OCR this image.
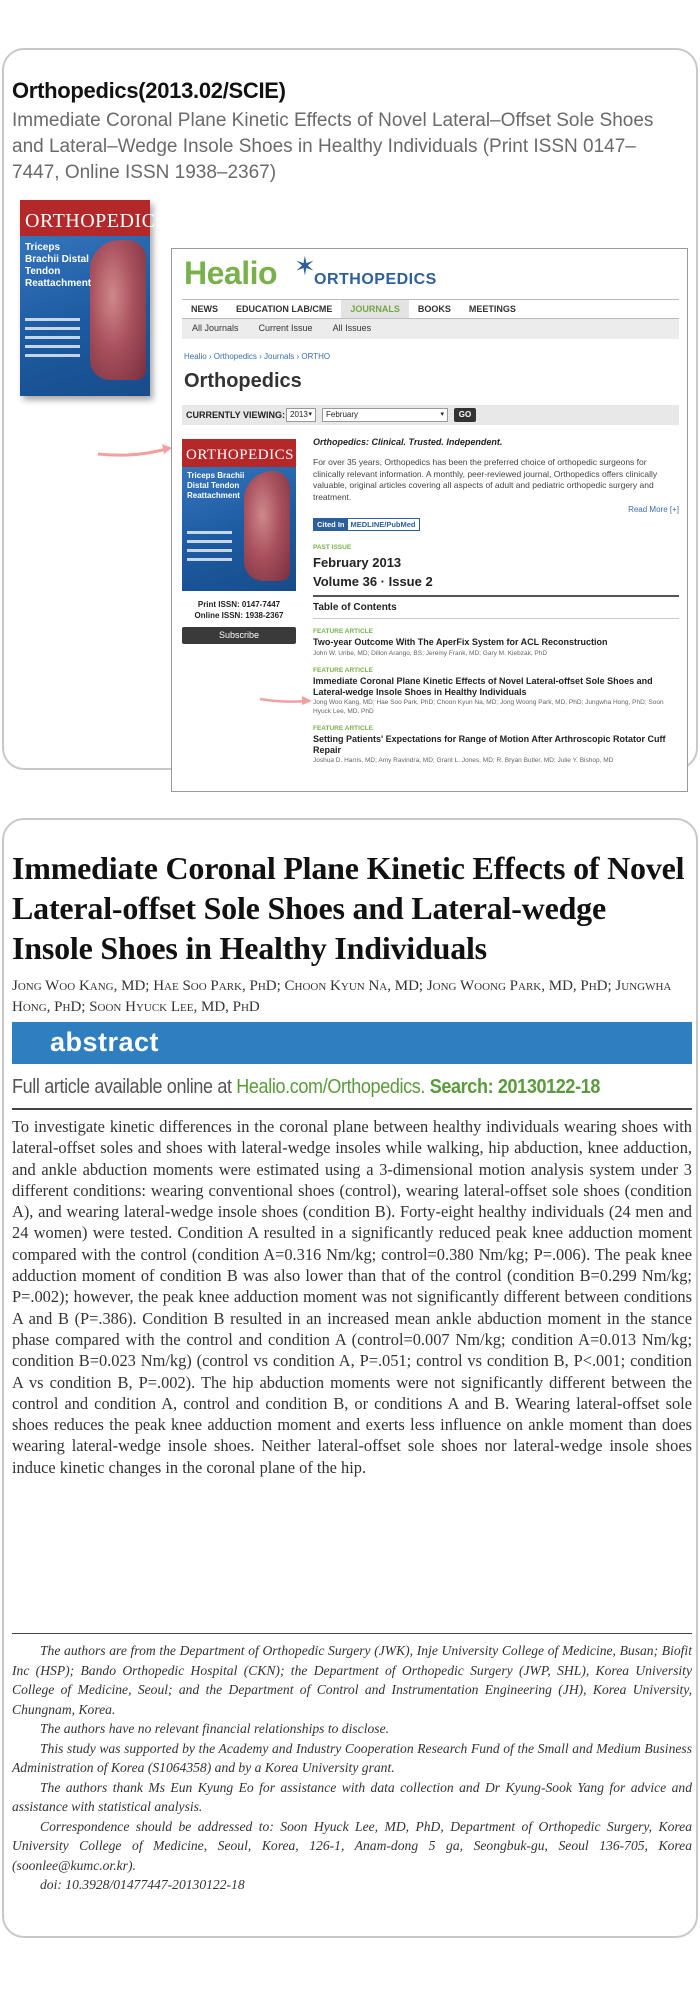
Orthopedics(2013.02/SCIE)
Immediate Coronal Plane Kinetic Effects of Novel Lateral–Offset Sole Shoes and Lateral–Wedge Insole Shoes in Healthy Individuals (Print ISSN 0147–7447, Online ISSN 1938–2367)
ORTHOPEDICS
Triceps Brachii Distal Tendon Reattachment	Healio ✶
ORTHOPEDICS
NEWS	EDUCATION LAB/CME	JOURNALS	BOOKS	MEETINGS
All Journals	Current Issue	All Issues
Healio › Orthopedics › Journals › ORTHO
Orthopedics
CURRENTLY VIEWING: 2013 ▾	February	▾	GO
ORTHOPEDICS
Triceps Brachii Distal Tendon Reattachment
Print ISSN: 0147-7447
Online ISSN: 1938-2367
Subscribe
Orthopedics: Clinical. Trusted. Independent.
For over 35 years, Orthopedics has been the preferred choice of orthopedic surgeons for clinically relevant information. A monthly, peer-reviewed journal, Orthopedics offers clinically valuable, original articles covering all aspects of adult and pediatric orthopedic surgery and treatment.
Read More [+]
Cited In MEDLINE/PubMed
PAST ISSUE
February 2013
Volume 36 · Issue 2
Table of Contents
FEATURE ARTICLE
Two-year Outcome With The AperFix System for ACL Reconstruction
John W. Uribe, MD; Dillon Arango, BS; Jeremy Frank, MD; Gary M. Kiebzak, PhD
FEATURE ARTICLE
Immediate Coronal Plane Kinetic Effects of Novel Lateral-offset Sole Shoes and Lateral-wedge Insole Shoes in Healthy Individuals
Jong Woo Kang, MD; Hae Soo Park, PhD; Choon Kyun Na, MD; Jong Woong Park, MD, PhD; Jungwha Hong, PhD; Soon Hyuck Lee, MD, PhD
FEATURE ARTICLE
Setting Patients' Expectations for Range of Motion After Arthroscopic Rotator Cuff Repair
Joshua D. Harris, MD; Amy Ravindra, MD; Grant L. Jones, MD; R. Bryan Butler, MD; Julie Y. Bishop, MD
Immediate Coronal Plane Kinetic Effects of Novel Lateral-offset Sole Shoes and Lateral-wedge Insole Shoes in Healthy Individuals
Jong Woo Kang, MD; Hae Soo Park, PhD; Choon Kyun Na, MD; Jong Woong Park, MD, PhD; Jungwha Hong, PhD; Soon Hyuck Lee, MD, PhD
abstract
Full article available online at Healio.com/Orthopedics. Search: 20130122-18
To investigate kinetic differences in the coronal plane between healthy individuals wearing shoes with lateral-offset soles and shoes with lateral-wedge insoles while walking, hip abduction, knee adduction, and ankle abduction moments were estimated using a 3-dimensional motion analysis system under 3 different conditions: wearing conventional shoes (control), wearing lateral-offset sole shoes (condition A), and wearing lateral-wedge insole shoes (condition B). Forty-eight healthy individuals (24 men and 24 women) were tested. Condition A resulted in a significantly reduced peak knee adduction moment compared with the control (condition A=0.316 Nm/kg; control=0.380 Nm/kg; P=.006). The peak knee adduction moment of condition B was also lower than that of the control (condition B=0.299 Nm/kg; P=.002); however, the peak knee adduction moment was not significantly different between conditions A and B (P=.386). Condition B resulted in an increased mean ankle abduction moment in the stance phase compared with the control and condition A (control=0.007 Nm/kg; condition A=0.013 Nm/kg; condition B=0.023 Nm/kg) (control vs condition A, P=.051; control vs condition B, P<.001; condition A vs condition B, P=.002). The hip abduction moments were not significantly different between the control and condition A, control and condition B, or conditions A and B. Wearing lateral-offset sole shoes reduces the peak knee adduction moment and exerts less influence on ankle moment than does wearing lateral-wedge insole shoes. Neither lateral-offset sole shoes nor lateral-wedge insole shoes induce kinetic changes in the coronal plane of the hip.

The authors are from the Department of Orthopedic Surgery (JWK), Inje University College of Medicine, Busan; Biofit Inc (HSP); Bando Orthopedic Hospital (CKN); the Department of Orthopedic Surgery (JWP, SHL), Korea University College of Medicine, Seoul; and the Department of Control and Instrumentation Engineering (JH), Korea University, Chungnam, Korea.

The authors have no relevant financial relationships to disclose.

This study was supported by the Academy and Industry Cooperation Research Fund of the Small and Medium Business Administration of Korea (S1064358) and by a Korea University grant.

The authors thank Ms Eun Kyung Eo for assistance with data collection and Dr Kyung-Sook Yang for advice and assistance with statistical analysis.

Correspondence should be addressed to: Soon Hyuck Lee, MD, PhD, Department of Orthopedic Surgery, Korea University College of Medicine, Seoul, Korea, 126-1, Anam-dong 5 ga, Seongbuk-gu, Seoul 136-705, Korea (soonlee@kumc.or.kr).

doi: 10.3928/01477447-20130122-18
